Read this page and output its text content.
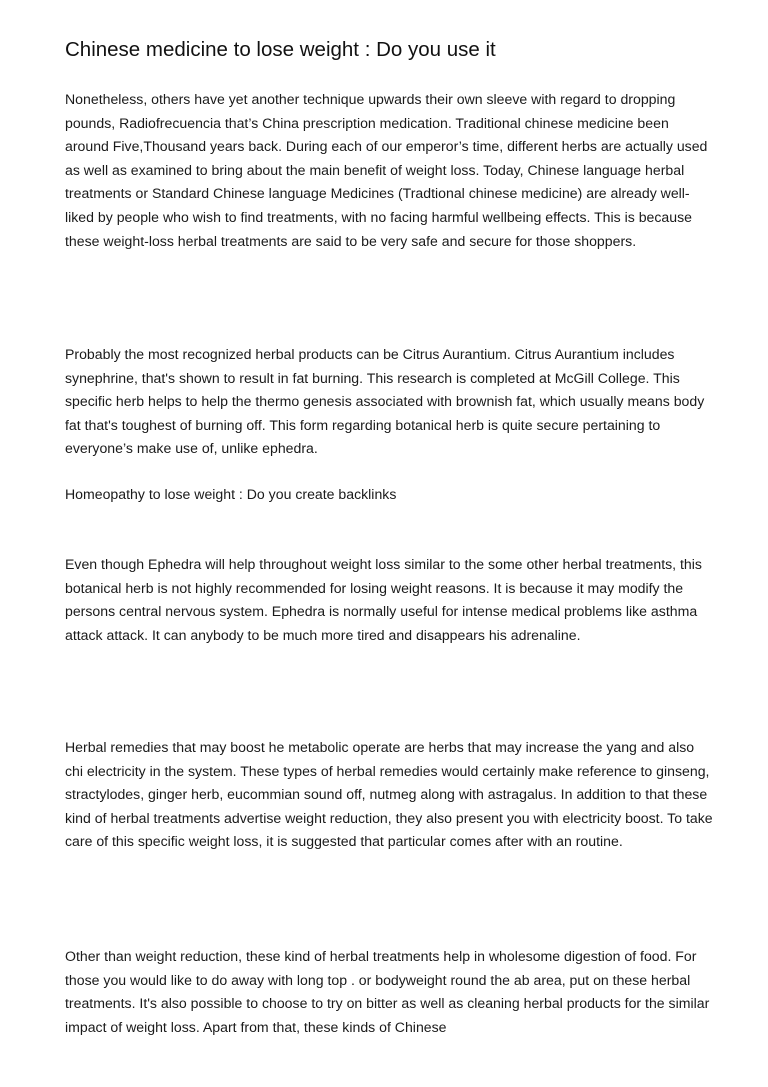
Chinese medicine to lose weight : Do you use it

Nonetheless, others have yet another technique upwards their own sleeve with regard to dropping pounds, Radiofrecuencia that’s China prescription medication. Traditional chinese medicine been around Five,Thousand years back. During each of our emperor’s time, different herbs are actually used as well as examined to bring about the main benefit of weight loss. Today, Chinese language herbal treatments or Standard Chinese language Medicines (Tradtional chinese medicine) are already well-liked by people who wish to find treatments, with no facing harmful wellbeing effects. This is because these weight-loss herbal treatments are said to be very safe and secure for those shoppers.

Probably the most recognized herbal products can be Citrus Aurantium. Citrus Aurantium includes synephrine, that's shown to result in fat burning. This research is completed at McGill College. This specific herb helps to help the thermo genesis associated with brownish fat, which usually means body fat that's toughest of burning off. This form regarding botanical herb is quite secure pertaining to everyone’s make use of, unlike ephedra.

Homeopathy to lose weight : Do you create backlinks

Even though Ephedra will help throughout weight loss similar to the some other herbal treatments, this botanical herb is not highly recommended for losing weight reasons. It is because it may modify the persons central nervous system. Ephedra is normally useful for intense medical problems like asthma attack attack. It can anybody to be much more tired and disappears his adrenaline.

Herbal remedies that may boost he metabolic operate are herbs that may increase the yang and also chi electricity in the system. These types of herbal remedies would certainly make reference to ginseng, stractylodes, ginger herb, eucommian sound off, nutmeg along with astragalus. In addition to that these kind of herbal treatments advertise weight reduction, they also present you with electricity boost. To take care of this specific weight loss, it is suggested that particular comes after with an routine.

Other than weight reduction, these kind of herbal treatments help in wholesome digestion of food. For those you would like to do away with long top . or bodyweight round the ab area, put on these herbal treatments. It's also possible to choose to try on bitter as well as cleaning herbal products for the similar impact of weight loss. Apart from that, these kinds of Chinese
